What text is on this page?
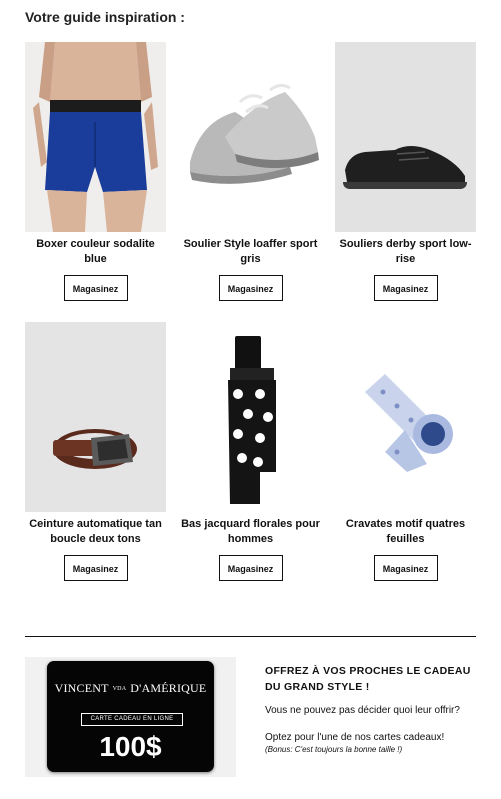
Votre guide inspiration :
Boxer couleur sodalite blue
Magasinez
Soulier Style loaffer sport gris
Magasinez
Souliers derby sport low-rise
Magasinez
Ceinture automatique tan boucle deux tons
Magasinez
Bas jacquard florales pour hommes
Magasinez
Cravates motif quatres feuilles
Magasinez
VINCENT VDA D'AMÉRIQUE
CARTE CADEAU EN LIGNE
100$
OFFREZ À VOS PROCHES LE CADEAU DU GRAND STYLE !
Vous ne pouvez pas décider quoi leur offrir?
Optez pour l'une de nos cartes cadeaux!
(Bonus: C'est toujours la bonne taille !)
